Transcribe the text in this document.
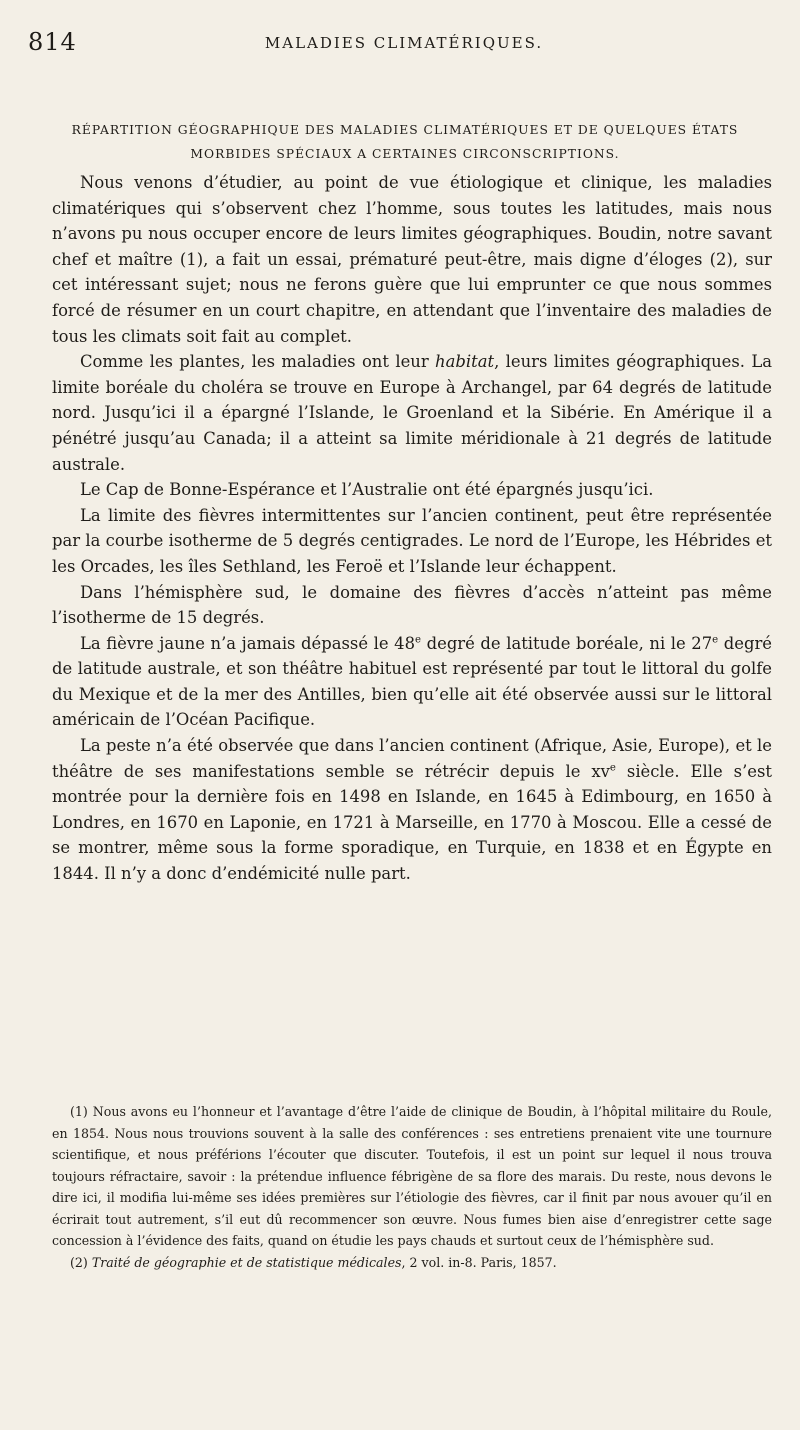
814	MALADIES CLIMATÉRIQUES.
RÉPARTITION GÉOGRAPHIQUE DES MALADIES CLIMATÉRIQUES ET DE QUELQUES ÉTATS MORBIDES SPÉCIAUX A CERTAINES CIRCONSCRIPTIONS.

Nous venons d’étudier, au point de vue étiologique et clinique, les maladies climatériques qui s’observent chez l’homme, sous toutes les latitudes, mais nous n’avons pu nous occuper encore de leurs limites géographiques. Boudin, notre savant chef et maître (1), a fait un essai, prématuré peut-être, mais digne d’éloges (2), sur cet intéressant sujet; nous ne ferons guère que lui emprunter ce que nous sommes forcé de résumer en un court chapitre, en attendant que l’inventaire des maladies de tous les climats soit fait au complet.

Comme les plantes, les maladies ont leur habitat, leurs limites géographiques. La limite boréale du choléra se trouve en Europe à Archangel, par 64 degrés de latitude nord. Jusqu’ici il a épargné l’Islande, le Groenland et la Sibérie. En Amérique il a pénétré jusqu’au Canada; il a atteint sa limite méridionale à 21 degrés de latitude australe.

Le Cap de Bonne-Espérance et l’Australie ont été épargnés jusqu’ici.

La limite des fièvres intermittentes sur l’ancien continent, peut être représentée par la courbe isotherme de 5 degrés centigrades. Le nord de l’Europe, les Hébrides et les Orcades, les îles Sethland, les Feroë et l’Islande leur échappent.

Dans l’hémisphère sud, le domaine des fièvres d’accès n’atteint pas même l’isotherme de 15 degrés.

La fièvre jaune n’a jamais dépassé le 48e degré de latitude boréale, ni le 27e degré de latitude australe, et son théâtre habituel est représenté par tout le littoral du golfe du Mexique et de la mer des Antilles, bien qu’elle ait été observée aussi sur le littoral américain de l’Océan Pacifique.

La peste n’a été observée que dans l’ancien continent (Afrique, Asie, Europe), et le théâtre de ses manifestations semble se rétrécir depuis le $xv^e$ siècle. Elle s’est montrée pour la dernière fois en 1498 en Islande, en 1645 à Edimbourg, en 1650 à Londres, en 1670 en Laponie, en 1721 à Marseille, en 1770 à Moscou. Elle a cessé de se montrer, même sous la forme sporadique, en Turquie, en 1838 et en Égypte en 1844. Il n’y a donc d’endémicité nulle part.

(1) Nous avons eu l’honneur et l’avantage d’être l’aide de clinique de Boudin, à l’hôpital militaire du Roule, en 1854. Nous nous trouvions souvent à la salle des conférences : ses entretiens prenaient vite une tournure scientifique, et nous préférions l’écouter que discuter. Toutefois, il est un point sur lequel il nous trouva toujours réfractaire, savoir : la prétendue influence fébrigène de sa flore des marais. Du reste, nous devons le dire ici, il modifia lui-même ses idées premières sur l’étiologie des fièvres, car il finit par nous avouer qu’il en écrirait tout autrement, s’il eut dû recommencer son œuvre. Nous fumes bien aise d’enregistrer cette sage concession à l’évidence des faits, quand on étudie les pays chauds et surtout ceux de l’hémisphère sud.

(2) Traité de géographie et de statistique médicales, 2 vol. in-8. Paris, 1857.
